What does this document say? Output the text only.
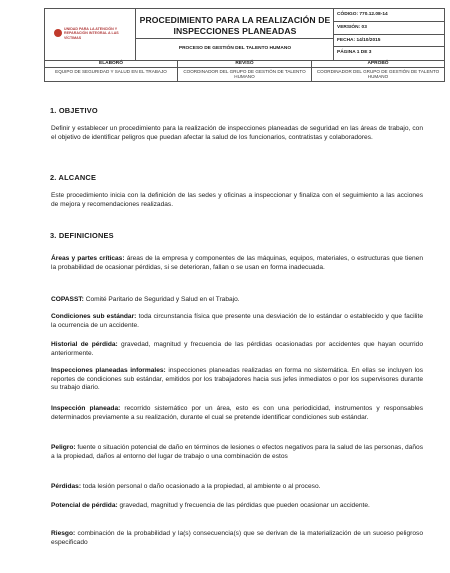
UNIDAD PARA LA ATENCIÓN Y REPARACIÓN INTEGRAL A LAS VÍCTIMAS
PROCEDIMIENTO PARA LA REALIZACIÓN DE INSPECCIONES PLANEADAS
PROCESO DE GESTIÓN DEL TALENTO HUMANO
CÓDIGO: 770.12.08-14
VERSIÓN: 03
FECHA: 14/10/2015
PÁGINA 1 DE 3
ELABORÓ
EQUIPO DE SEGURIDAD Y SALUD EN EL TRABAJO
REVISÓ
COORDINADOR DEL GRUPO DE GESTIÓN DE TALENTO HUMANO
APROBÓ
COORDINADOR DEL GRUPO DE GESTIÓN DE TALENTO HUMANO
1. OBJETIVO
Definir y establecer un procedimiento para la realización de inspecciones planeadas de seguridad en las áreas de trabajo, con el objetivo de identificar peligros que puedan afectar la salud de los funcionarios, contratistas y colaboradores.
2. ALCANCE
Este procedimiento inicia con la definición de las sedes y oficinas a inspeccionar y finaliza con el seguimiento a las acciones de mejora y recomendaciones realizadas.
3. DEFINICIONES
Áreas y partes críticas: áreas de la empresa y componentes de las máquinas, equipos, materiales, o estructuras que tienen la probabilidad de ocasionar pérdidas, si se deterioran, fallan o se usan en forma inadecuada.
COPASST: Comité Paritario de Seguridad y Salud en el Trabajo.
Condiciones sub estándar: toda circunstancia física que presente una desviación de lo estándar o establecido y que facilite la ocurrencia de un accidente.
Historial de pérdida: gravedad, magnitud y frecuencia de las pérdidas ocasionadas por accidentes que hayan ocurrido anteriormente.
Inspecciones planeadas informales: inspecciones planeadas realizadas en forma no sistemática. En ellas se incluyen los reportes de condiciones sub estándar, emitidos por los trabajadores hacia sus jefes inmediatos o por los supervisores durante su trabajo diario.
Inspección planeada: recorrido sistemático por un área, esto es con una periodicidad, instrumentos y responsables determinados previamente a su realización, durante el cual se pretende identificar condiciones sub estándar.
Peligro: fuente o situación potencial de daño en términos de lesiones o efectos negativos para la salud de las personas, daños a la propiedad, daños al entorno del lugar de trabajo o una combinación de estos
Pérdidas: toda lesión personal o daño ocasionado a la propiedad, al ambiente o al proceso.
Potencial de pérdida: gravedad, magnitud y frecuencia de las pérdidas que pueden ocasionar un accidente.
Riesgo: combinación de la probabilidad y la(s) consecuencia(s) que se derivan de la materialización de un suceso peligroso especificado
